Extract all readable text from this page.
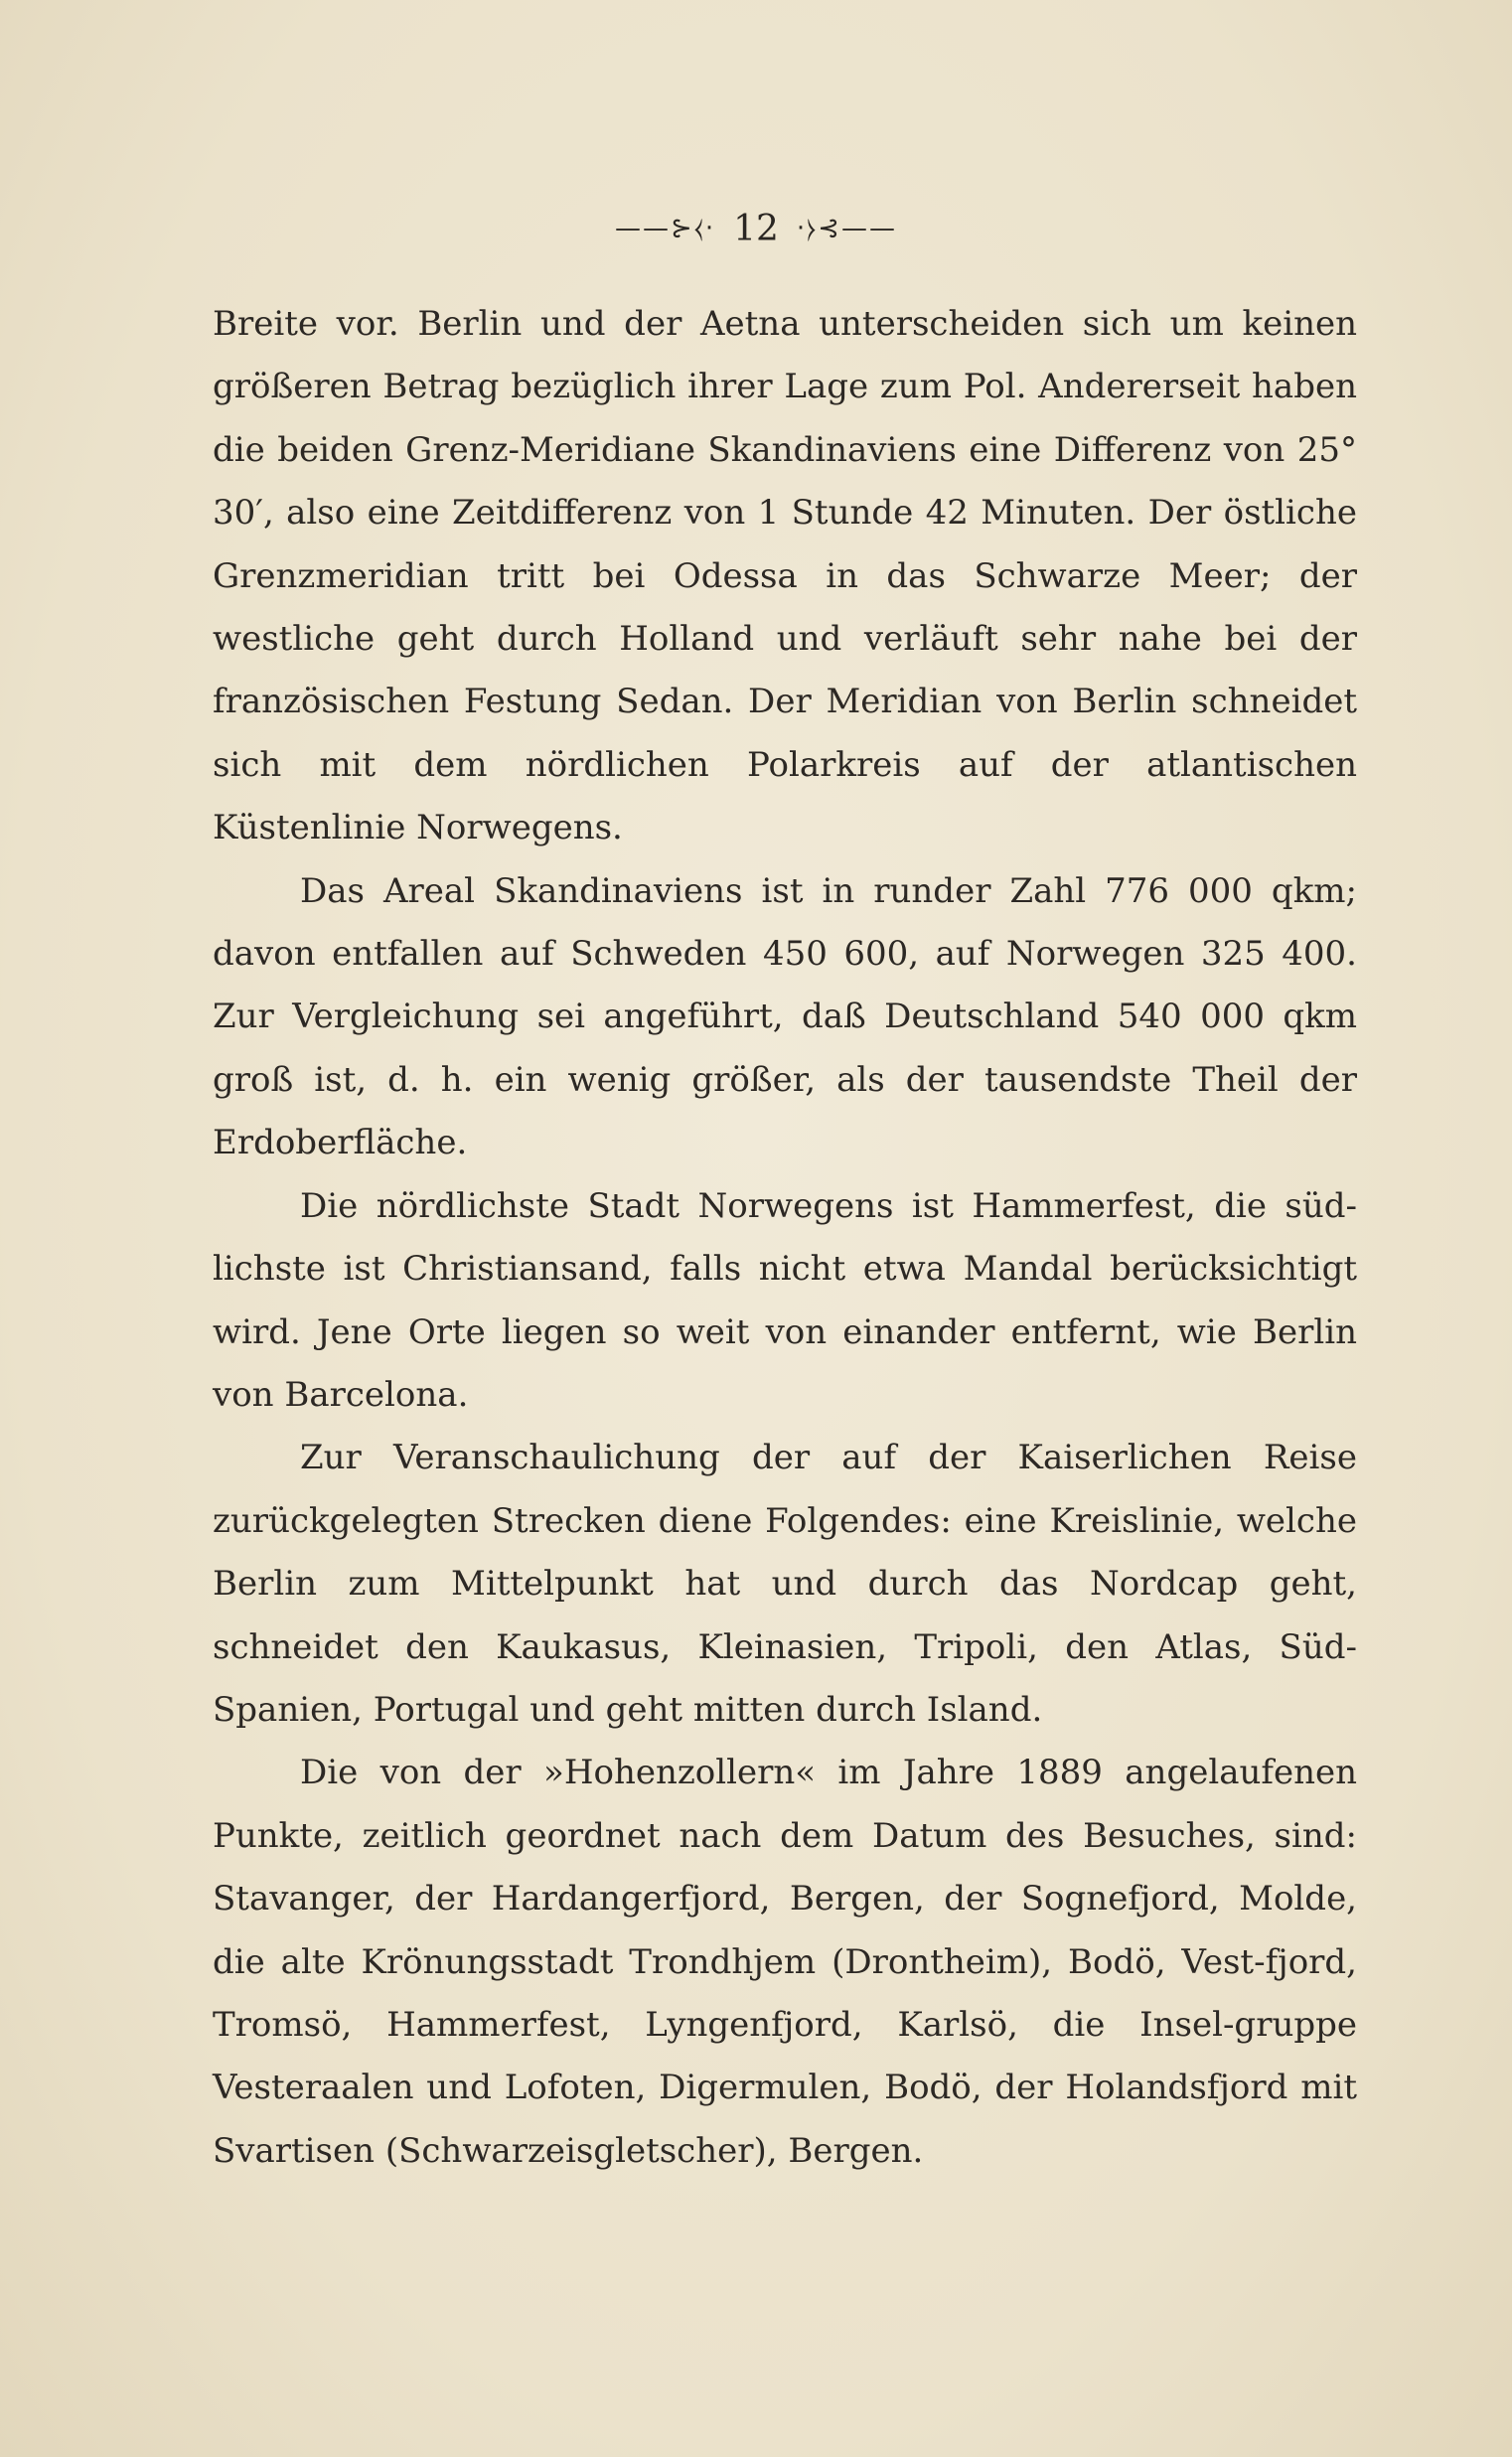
——⊱⧼· 12 ·⧽⊰——

Breite vor. Berlin und der Aetna unterscheiden sich um keinen größeren Betrag bezüglich ihrer Lage zum Pol. Andererseit haben die beiden Grenz-Meridiane Skandinaviens eine Differenz von 25° 30′, also eine Zeitdifferenz von 1 Stunde 42 Minuten. Der östliche Grenzmeridian tritt bei Odessa in das Schwarze Meer; der westliche geht durch Holland und verläuft sehr nahe bei der französischen Festung Sedan. Der Meridian von Berlin schneidet sich mit dem nördlichen Polarkreis auf der atlantischen Küstenlinie Norwegens.

Das Areal Skandinaviens ist in runder Zahl 776 000 qkm; davon entfallen auf Schweden 450 600, auf Norwegen 325 400. Zur Vergleichung sei angeführt, daß Deutschland 540 000 qkm groß ist, d. h. ein wenig größer, als der tausendste Theil der Erdoberfläche.

Die nördlichste Stadt Norwegens ist Hammerfest, die süd-lichste ist Christiansand, falls nicht etwa Mandal berücksichtigt wird. Jene Orte liegen so weit von einander entfernt, wie Berlin von Barcelona.

Zur Veranschaulichung der auf der Kaiserlichen Reise zurückgelegten Strecken diene Folgendes: eine Kreislinie, welche Berlin zum Mittelpunkt hat und durch das Nordcap geht, schneidet den Kaukasus, Kleinasien, Tripoli, den Atlas, Süd-Spanien, Portugal und geht mitten durch Island.

Die von der »Hohenzollern« im Jahre 1889 angelaufenen Punkte, zeitlich geordnet nach dem Datum des Besuches, sind: Stavanger, der Hardangerfjord, Bergen, der Sognefjord, Molde, die alte Krönungsstadt Trondhjem (Drontheim), Bodö, Vest-fjord, Tromsö, Hammerfest, Lyngenfjord, Karlsö, die Insel-gruppe Vesteraalen und Lofoten, Digermulen, Bodö, der Holandsfjord mit Svartisen (Schwarzeisgletscher), Bergen.
